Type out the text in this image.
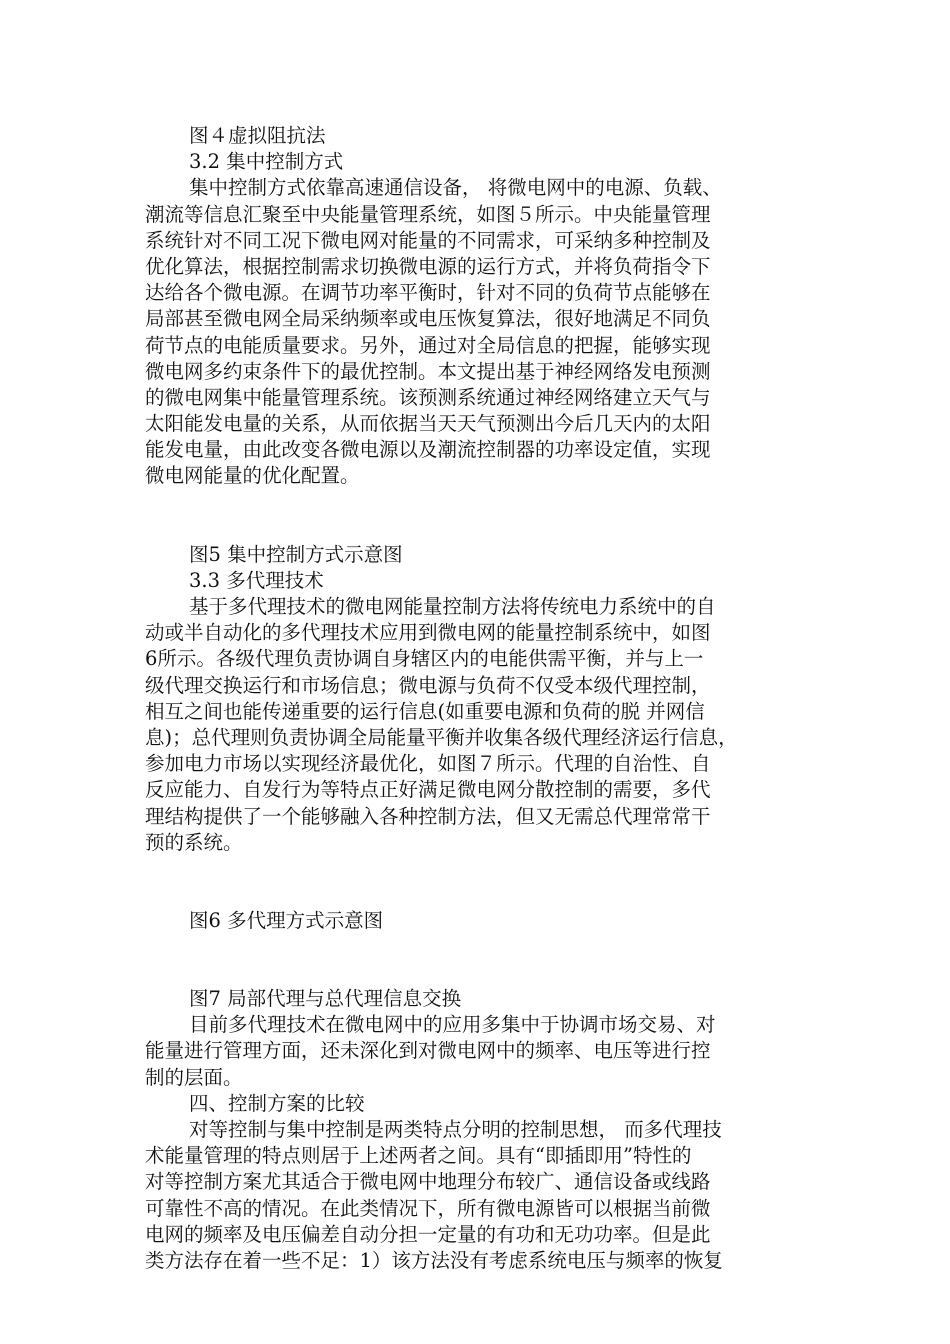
图４虚拟阻抗法
3.2 集中控制方式
集中控制方式依靠高速通信设备， 将微电网中的电源、负载、
潮流等信息汇聚至中央能量管理系统，如图５所示。中央能量管理
系统针对不同工况下微电网对能量的不同需求，可采纳多种控制及
优化算法，根据控制需求切换微电源的运行方式，并将负荷指令下
达给各个微电源。在调节功率平衡时，针对不同的负荷节点能够在
局部甚至微电网全局采纳频率或电压恢复算法，很好地满足不同负
荷节点的电能质量要求。另外，通过对全局信息的把握，能够实现
微电网多约束条件下的最优控制。本文提出基于神经网络发电预测
的微电网集中能量管理系统。该预测系统通过神经网络建立天气与
太阳能发电量的关系，从而依据当天天气预测出今后几天内的太阳
能发电量，由此改变各微电源以及潮流控制器的功率设定值，实现
微电网能量的优化配置。
图5 集中控制方式示意图
3.3 多代理技术
基于多代理技术的微电网能量控制方法将传统电力系统中的自
动或半自动化的多代理技术应用到微电网的能量控制系统中，如图
6所示。各级代理负责协调自身辖区内的电能供需平衡，并与上一
级代理交换运行和市场信息；微电源与负荷不仅受本级代理控制，
相互之间也能传递重要的运行信息(如重要电源和负荷的脱 并网信
息)；总代理则负责协调全局能量平衡并收集各级代理经济运行信息，
参加电力市场以实现经济最优化，如图７所示。代理的自治性、自
反应能力、自发行为等特点正好满足微电网分散控制的需要，多代
理结构提供了一个能够融入各种控制方法，但又无需总代理常常干
预的系统。
图6 多代理方式示意图
图7 局部代理与总代理信息交换
目前多代理技术在微电网中的应用多集中于协调市场交易、对
能量进行管理方面，还未深化到对微电网中的频率、电压等进行控
制的层面。
四、控制方案的比较
对等控制与集中控制是两类特点分明的控制思想， 而多代理技
术能量管理的特点则居于上述两者之间。具有“即插即用”特性的
对等控制方案尤其适合于微电网中地理分布较广、通信设备或线路
可靠性不高的情况。在此类情况下，所有微电源皆可以根据当前微
电网的频率及电压偏差自动分担一定量的有功和无功功率。但是此
类方法存在着一些不足：1）该方法没有考虑系统电压与频率的恢复
